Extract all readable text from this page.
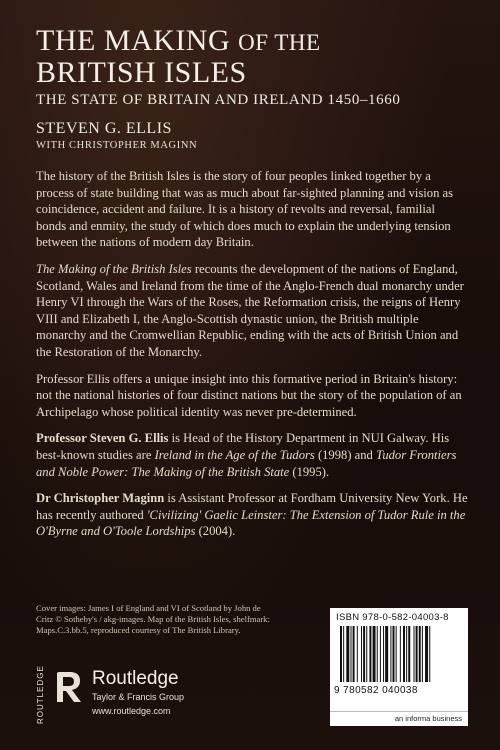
THE MAKING OF THE
BRITISH ISLES
THE STATE OF BRITAIN AND IRELAND 1450–1660
STEVEN G. ELLIS
WITH CHRISTOPHER MAGINN

The history of the British Isles is the story of four peoples linked together by a process of state building that was as much about far-sighted planning and vision as coincidence, accident and failure. It is a history of revolts and reversal, familial bonds and enmity, the study of which does much to explain the underlying tension between the nations of modern day Britain.

The Making of the British Isles recounts the development of the nations of England, Scotland, Wales and Ireland from the time of the Anglo-French dual monarchy under Henry VI through the Wars of the Roses, the Reformation crisis, the reigns of Henry VIII and Elizabeth I, the Anglo-Scottish dynastic union, the British multiple monarchy and the Cromwellian Republic, ending with the acts of British Union and the Restoration of the Monarchy.

Professor Ellis offers a unique insight into this formative period in Britain's history: not the national histories of four distinct nations but the story of the population of an Archipelago whose political identity was never pre-determined.

Professor Steven G. Ellis is Head of the History Department in NUI Galway. His best-known studies are Ireland in the Age of the Tudors (1998) and Tudor Frontiers and Noble Power: The Making of the British State (1995).

Dr Christopher Maginn is Assistant Professor at Fordham University New York. He has recently authored 'Civilizing' Gaelic Leinster: The Extension of Tudor Rule in the O'Byrne and O'Toole Lordships (2004).

Cover images: James I of England and VI of Scotland by John de Critz © Sotheby's / akg-images. Map of the British Isles, shelfmark: Maps.C.3.bb.5, reproduced courtesy of The British Library.
ROUTLEDGE Routledge
Taylor & Francis Group
www.routledge.com
ISBN 978-0-582-04003-8
9 780582 040038
an informa business
